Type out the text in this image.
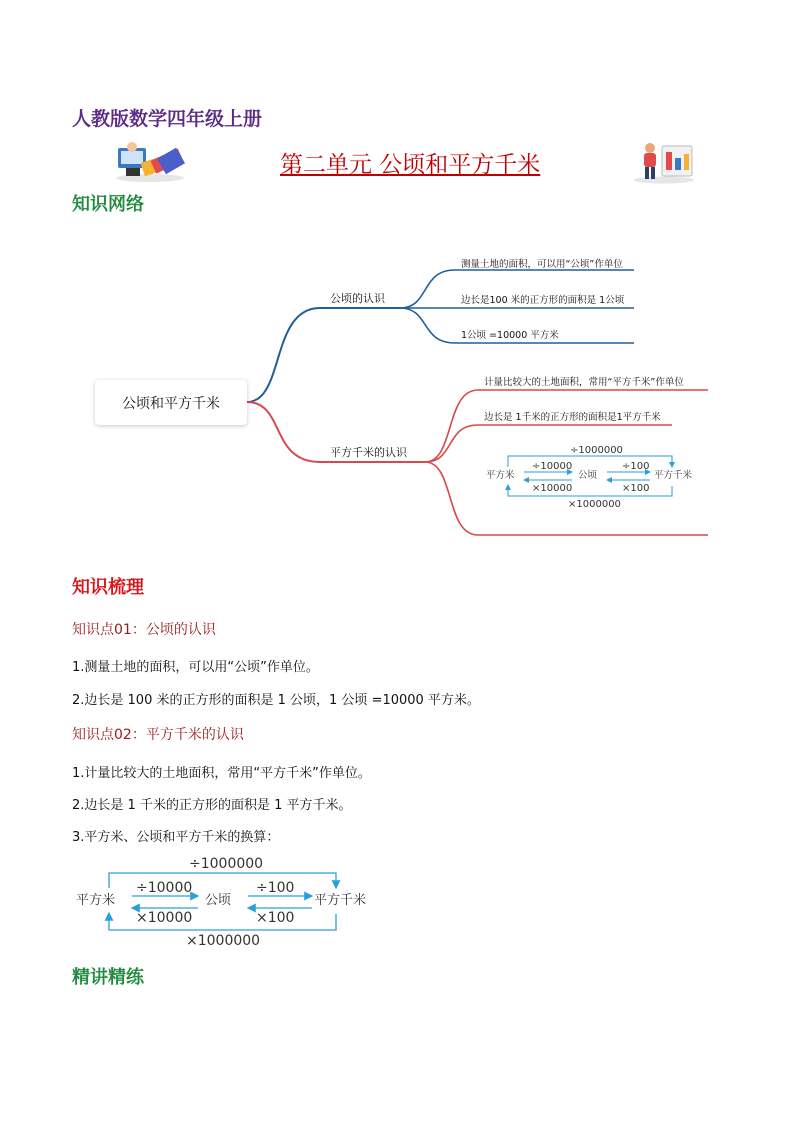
人教版数学四年级上册
第二单元 公顷和平方千米
知识网络
公顷和平方千米
公顷的认识
测量土地的面积，可以用“公顷”作单位
边长是100 米的正方形的面积是 1公顷
1公顷 =10000 平方米
平方千米的认识
计量比较大的土地面积，常用“平方千米”作单位
边长是 1千米的正方形的面积是1平方千米
÷1000000
÷10000	÷100
平方米	公顷	平方千米
×10000	×100
×1000000
知识梳理
知识点01：公顷的认识
1.测量土地的面积，可以用“公顷”作单位。
2.边长是 100 米的正方形的面积是 1 公顷，1 公顷 =10000 平方米。
知识点02：平方千米的认识
1.计量比较大的土地面积，常用“平方千米”作单位。
2.边长是 1 千米的正方形的面积是 1 平方千米。
3.平方米、公顷和平方千米的换算：
÷1000000
÷10000	÷100
平方米	公顷	平方千米
×10000	×100
×1000000
精讲精练
